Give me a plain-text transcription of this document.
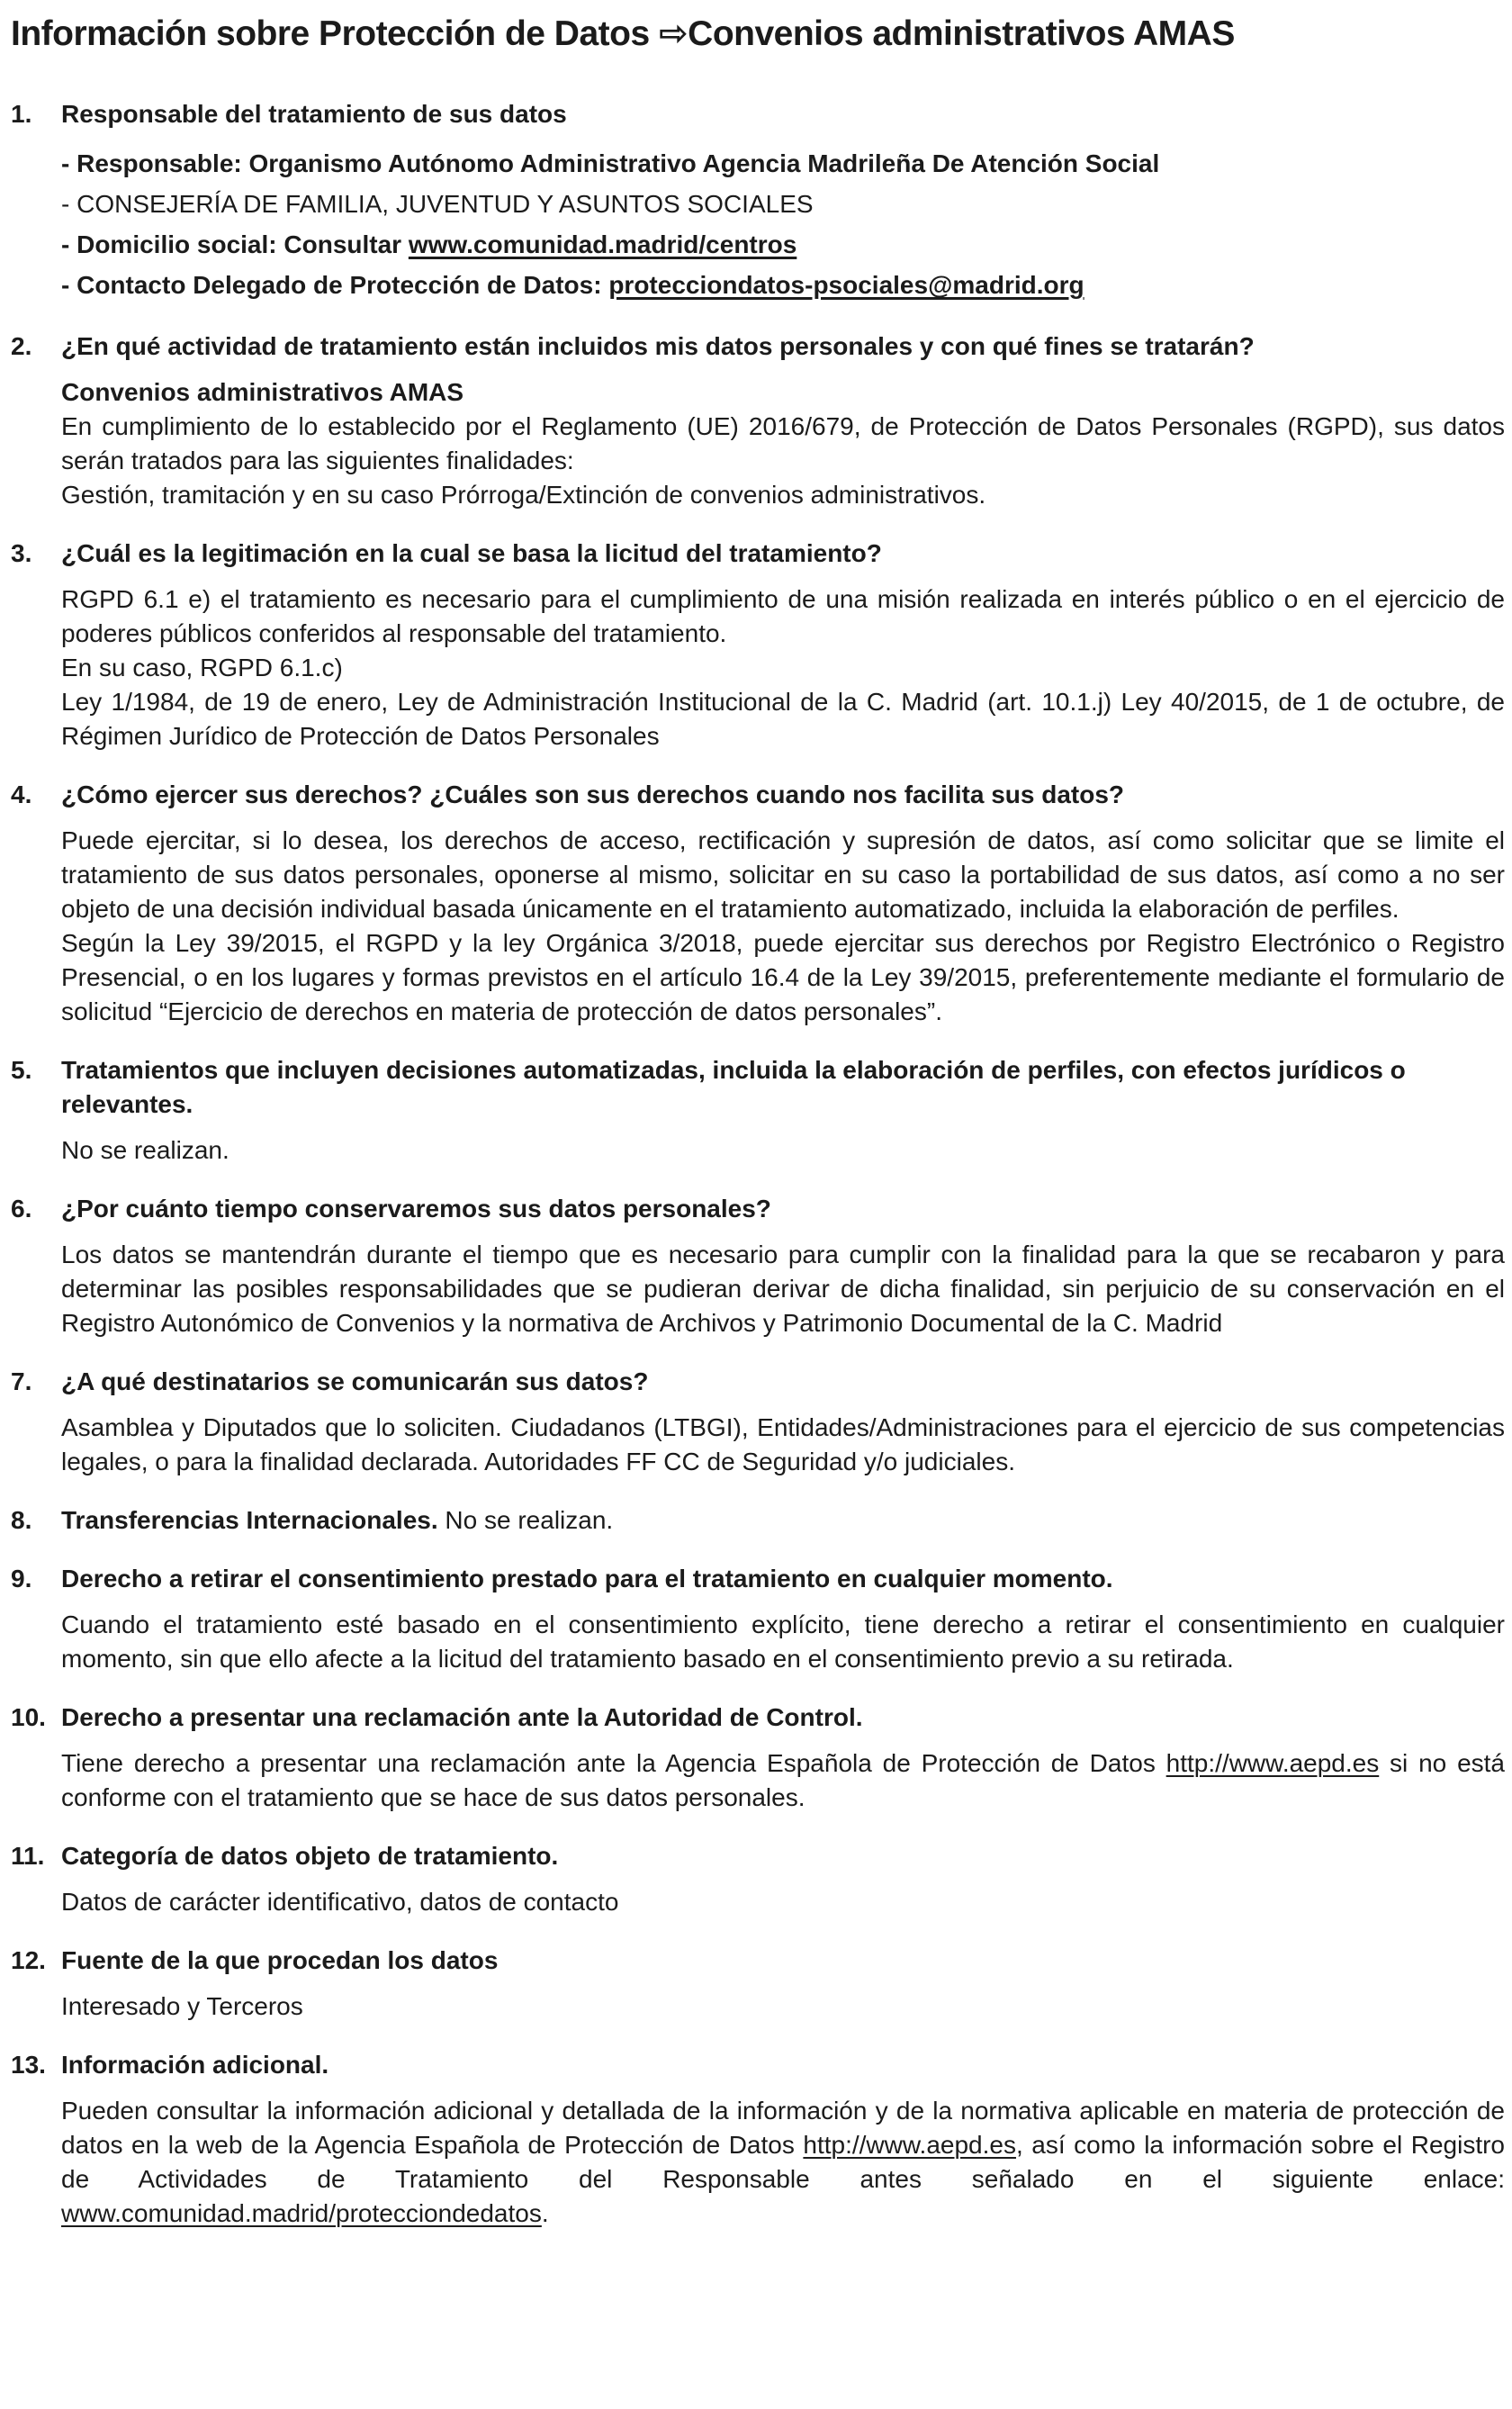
Información sobre Protección de Datos ⇨Convenios administrativos AMAS
1. Responsable del tratamiento de sus datos
- Responsable: Organismo Autónomo Administrativo Agencia Madrileña De Atención Social
- CONSEJERÍA DE FAMILIA, JUVENTUD Y ASUNTOS SOCIALES
- Domicilio social: Consultar www.comunidad.madrid/centros
- Contacto Delegado de Protección de Datos: protecciondatos-psociales@madrid.org
2. ¿En qué actividad de tratamiento están incluidos mis datos personales y con qué fines se tratarán?
Convenios administrativos AMAS

En cumplimiento de lo establecido por el Reglamento (UE) 2016/679, de Protección de Datos Personales (RGPD), sus datos serán tratados para las siguientes finalidades:

Gestión, tramitación y en su caso Prórroga/Extinción de convenios administrativos.

3. ¿Cuál es la legitimación en la cual se basa la licitud del tratamiento?

RGPD 6.1 e) el tratamiento es necesario para el cumplimiento de una misión realizada en interés público o en el ejercicio de poderes públicos conferidos al responsable del tratamiento.

En su caso, RGPD 6.1.c)

Ley 1/1984, de 19 de enero, Ley de Administración Institucional de la C. Madrid (art. 10.1.j) Ley 40/2015, de 1 de octubre, de Régimen Jurídico de Protección de Datos Personales

4. ¿Cómo ejercer sus derechos? ¿Cuáles son sus derechos cuando nos facilita sus datos?

Puede ejercitar, si lo desea, los derechos de acceso, rectificación y supresión de datos, así como solicitar que se limite el tratamiento de sus datos personales, oponerse al mismo, solicitar en su caso la portabilidad de sus datos, así como a no ser objeto de una decisión individual basada únicamente en el tratamiento automatizado, incluida la elaboración de perfiles.

Según la Ley 39/2015, el RGPD y la ley Orgánica 3/2018, puede ejercitar sus derechos por Registro Electrónico o Registro Presencial, o en los lugares y formas previstos en el artículo 16.4 de la Ley 39/2015, preferentemente mediante el formulario de solicitud “Ejercicio de derechos en materia de protección de datos personales”.

5. Tratamientos que incluyen decisiones automatizadas, incluida la elaboración de perfiles, con efectos jurídicos o relevantes.

No se realizan.

6. ¿Por cuánto tiempo conservaremos sus datos personales?

Los datos se mantendrán durante el tiempo que es necesario para cumplir con la finalidad para la que se recabaron y para determinar las posibles responsabilidades que se pudieran derivar de dicha finalidad, sin perjuicio de su conservación en el Registro Autonómico de Convenios y la normativa de Archivos y Patrimonio Documental de la C. Madrid

7. ¿A qué destinatarios se comunicarán sus datos?

Asamblea y Diputados que lo soliciten. Ciudadanos (LTBGI), Entidades/Administraciones para el ejercicio de sus competencias legales, o para la finalidad declarada. Autoridades FF CC de Seguridad y/o judiciales.

8. Transferencias Internacionales. No se realizan.
9. Derecho a retirar el consentimiento prestado para el tratamiento en cualquier momento.

Cuando el tratamiento esté basado en el consentimiento explícito, tiene derecho a retirar el consentimiento en cualquier momento, sin que ello afecte a la licitud del tratamiento basado en el consentimiento previo a su retirada.

10. Derecho a presentar una reclamación ante la Autoridad de Control.

Tiene derecho a presentar una reclamación ante la Agencia Española de Protección de Datos http://www.aepd.es si no está conforme con el tratamiento que se hace de sus datos personales.

11. Categoría de datos objeto de tratamiento.

Datos de carácter identificativo, datos de contacto

12. Fuente de la que procedan los datos

Interesado y Terceros

13. Información adicional.

Pueden consultar la información adicional y detallada de la información y de la normativa aplicable en materia de protección de datos en la web de la Agencia Española de Protección de Datos http://www.aepd.es, así como la información sobre el Registro de Actividades de Tratamiento del Responsable antes señalado en el siguiente enlace: www.comunidad.madrid/protecciondedatos.
